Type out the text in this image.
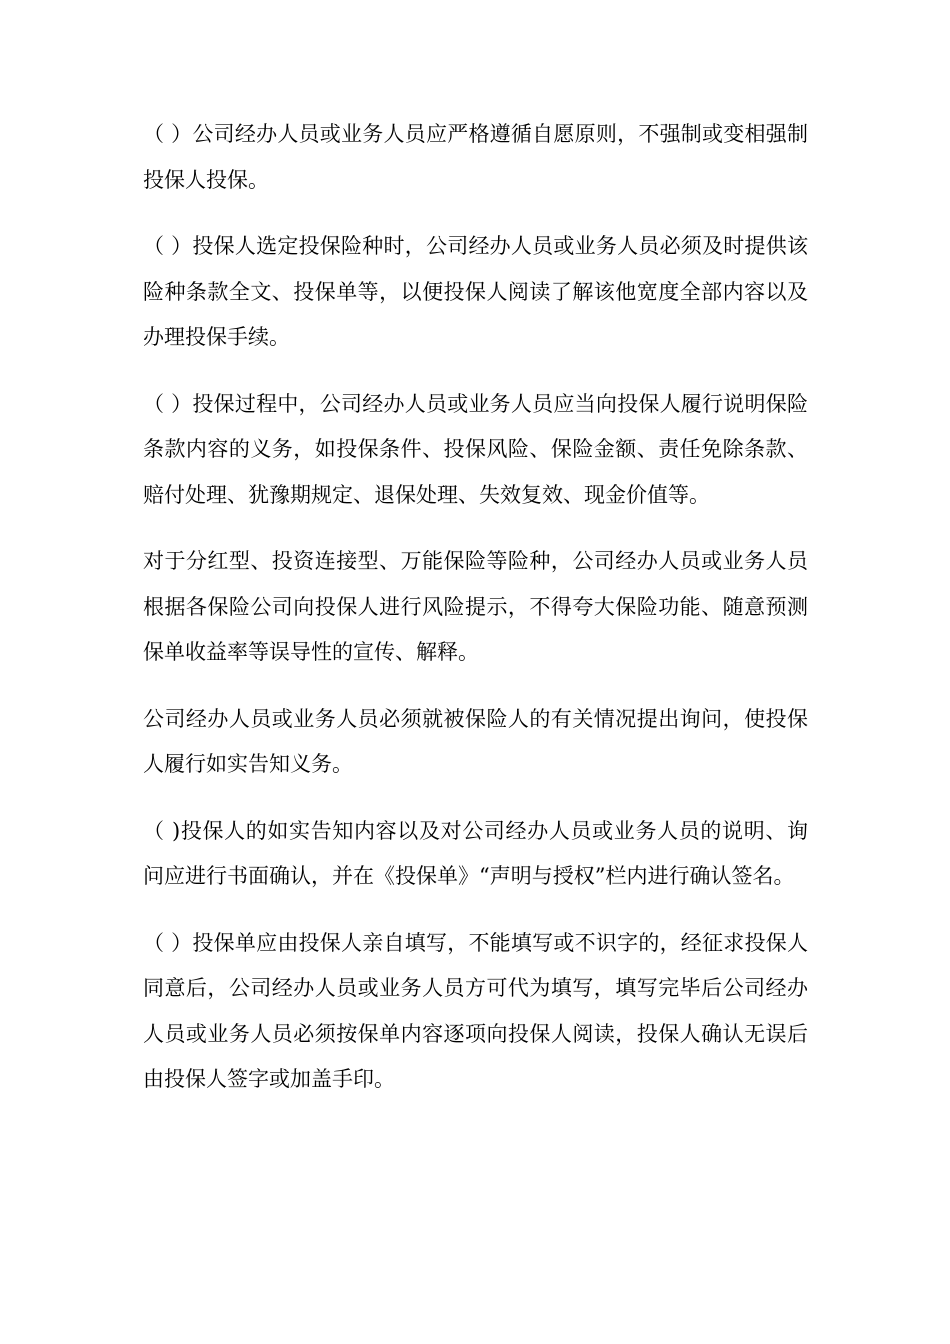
（ ）公司经办人员或业务人员应严格遵循自愿原则，不强制或变相强制投保人投保。

（ ）投保人选定投保险种时，公司经办人员或业务人员必须及时提供该险种条款全文、投保单等，以便投保人阅读了解该他宽度全部内容以及办理投保手续。

（ ）投保过程中，公司经办人员或业务人员应当向投保人履行说明保险条款内容的义务，如投保条件、投保风险、保险金额、责任免除条款、赔付处理、犹豫期规定、退保处理、失效复效、现金价值等。

对于分红型、投资连接型、万能保险等险种，公司经办人员或业务人员根据各保险公司向投保人进行风险提示，不得夸大保险功能、随意预测保单收益率等误导性的宣传、解释。

公司经办人员或业务人员必须就被保险人的有关情况提出询问，使投保人履行如实告知义务。

（ )投保人的如实告知内容以及对公司经办人员或业务人员的说明、询问应进行书面确认，并在《投保单》“声明与授权”栏内进行确认签名。

（ ）投保单应由投保人亲自填写，不能填写或不识字的，经征求投保人同意后，公司经办人员或业务人员方可代为填写，填写完毕后公司经办人员或业务人员必须按保单内容逐项向投保人阅读，投保人确认无误后由投保人签字或加盖手印。
